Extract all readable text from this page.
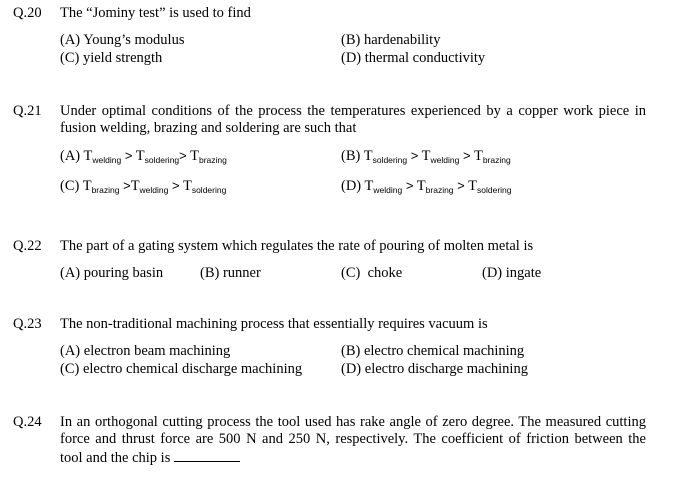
Q.20 The “Jominy test” is used to find
(A) Young’s modulus	(B) hardenability
(C) yield strength	(D) thermal conductivity
Q.21 Under optimal conditions of the process the temperatures experienced by a copper work piece in
fusion welding, brazing and soldering are such that
(A) $T_{welding} > T_{soldering}> T_{brazing}$	(B) $T_{soldering} > T_{welding} > T_{brazing}$
(C) $T_{brazing} >T_{welding} > T_{soldering}$	(D) $T_{welding} > T_{brazing} > T_{soldering}$
Q.22 The part of a gating system which regulates the rate of pouring of molten metal is
(A) pouring basin	(B) runner	(C)  choke	(D) ingate
Q.23 The non-traditional machining process that essentially requires vacuum is
(A) electron beam machining	(B) electro chemical machining
(C) electro chemical discharge machining	(D) electro discharge machining
Q.24 In an orthogonal cutting process the tool used has rake angle of zero degree. The measured cutting
force and thrust force are 500 N and 250 N, respectively. The coefficient of friction between the
tool and the chip is
